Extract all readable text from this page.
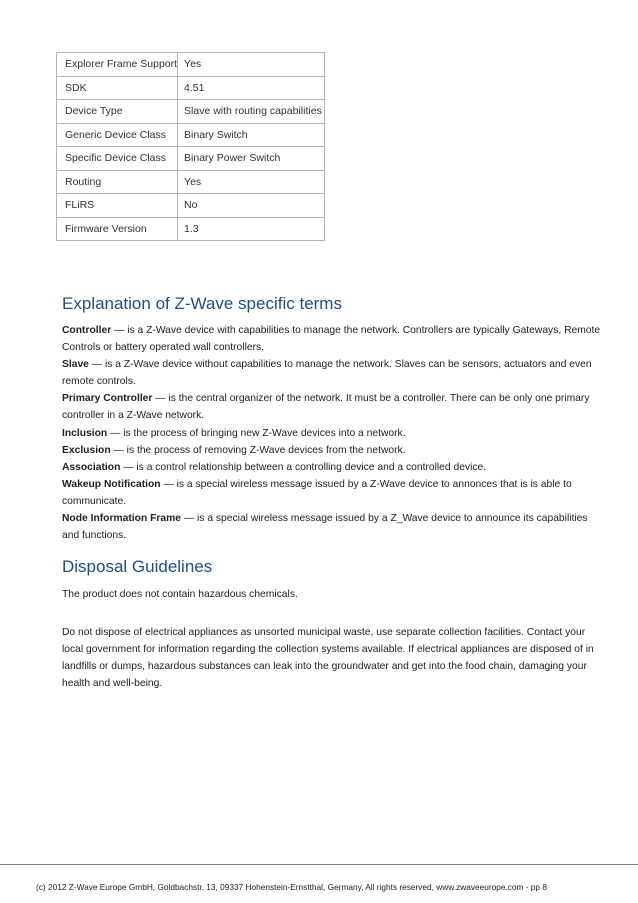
Explorer Frame Support	Yes
SDK	4.51
Device Type	Slave with routing capabilities
Generic Device Class	Binary Switch
Specific Device Class	Binary Power Switch
Routing	Yes
FLiRS	No
Firmware Version	1.3
Explanation of Z-Wave specific terms

Controller — is a Z-Wave device with capabilities to manage the network. Controllers are typically Gateways, Remote Controls or battery operated wall controllers.

Slave — is a Z-Wave device without capabilities to manage the network. Slaves can be sensors, actuators and even remote controls.

Primary Controller — is the central organizer of the network. It must be a controller. There can be only one primary controller in a Z-Wave network.

Inclusion — is the process of bringing new Z-Wave devices into a network.

Exclusion — is the process of removing Z-Wave devices from the network.

Association — is a control relationship between a controlling device and a controlled device.

Wakeup Notification — is a special wireless message issued by a Z-Wave device to annonces that is is able to communicate.

Node Information Frame — is a special wireless message issued by a Z_Wave device to announce its capabilities and functions.

Disposal Guidelines

The product does not contain hazardous chemicals.

Do not dispose of electrical appliances as unsorted municipal waste, use separate collection facilities. Contact your local government for information regarding the collection systems available. If electrical appliances are disposed of in landfills or dumps, hazardous substances can leak into the groundwater and get into the food chain, damaging your health and well-being.

(c) 2012 Z-Wave Europe GmbH, Goldbachstr. 13, 09337 Hohenstein-Ernstthal, Germany, All rights reserved, www.zwaveeurope.com - pp 8
